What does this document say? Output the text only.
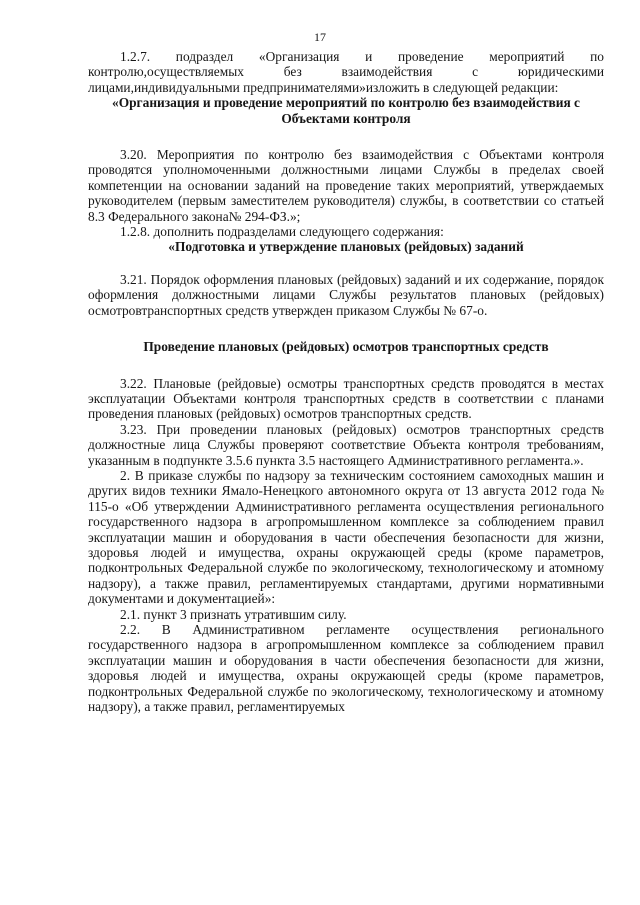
17

1.2.7. подраздел «Организация и проведение мероприятий по контролю,осуществляемых без взаимодействия с юридическими лицами,индивидуальными предпринимателями»изложить в следующей редакции:

«Организация и проведение мероприятий по контролю без взаимодействия с Объектами контроля

3.20. Мероприятия по контролю без взаимодействия с Объектами контроля проводятся уполномоченными должностными лицами Службы в пределах своей компетенции на основании заданий на проведение таких мероприятий, утверждаемых руководителем (первым заместителем руководителя) службы, в соответствии со статьей 8.3 Федерального закона№ 294-ФЗ.»;

1.2.8. дополнить подразделами следующего содержания:

«Подготовка и утверждение плановых (рейдовых) заданий

3.21. Порядок оформления плановых (рейдовых) заданий и их содержание, порядок оформления должностными лицами Службы результатов плановых (рейдовых) осмотровтранспортных средств утвержден приказом Службы № 67-о.

Проведение плановых (рейдовых) осмотров транспортных средств

3.22. Плановые (рейдовые) осмотры транспортных средств проводятся в местах эксплуатации Объектами контроля транспортных средств в соответствии с планами проведения плановых (рейдовых) осмотров транспортных средств.

3.23. При проведении плановых (рейдовых) осмотров транспортных средств должностные лица Службы проверяют соответствие Объекта контроля требованиям, указанным в подпункте 3.5.6 пункта 3.5 настоящего Административного регламента.».

2. В приказе службы по надзору за техническим состоянием самоходных машин и других видов техники Ямало-Ненецкого автономного округа от 13 августа 2012 года № 115-о «Об утверждении Административного регламента осуществления регионального государственного надзора в агропромышленном комплексе за соблюдением правил эксплуатации машин и оборудования в части обеспечения безопасности для жизни, здоровья людей и имущества, охраны окружающей среды (кроме параметров, подконтрольных Федеральной службе по экологическому, технологическому и атомному надзору), а также правил, регламентируемых стандартами, другими нормативными документами и документацией»:

2.1. пункт 3 признать утратившим силу.

2.2. В Административном регламенте осуществления регионального государственного надзора в агропромышленном комплексе за соблюдением правил эксплуатации машин и оборудования в части обеспечения безопасности для жизни, здоровья людей и имущества, охраны окружающей среды (кроме параметров, подконтрольных Федеральной службе по экологическому, технологическому и атомному надзору), а также правил, регламентируемых
